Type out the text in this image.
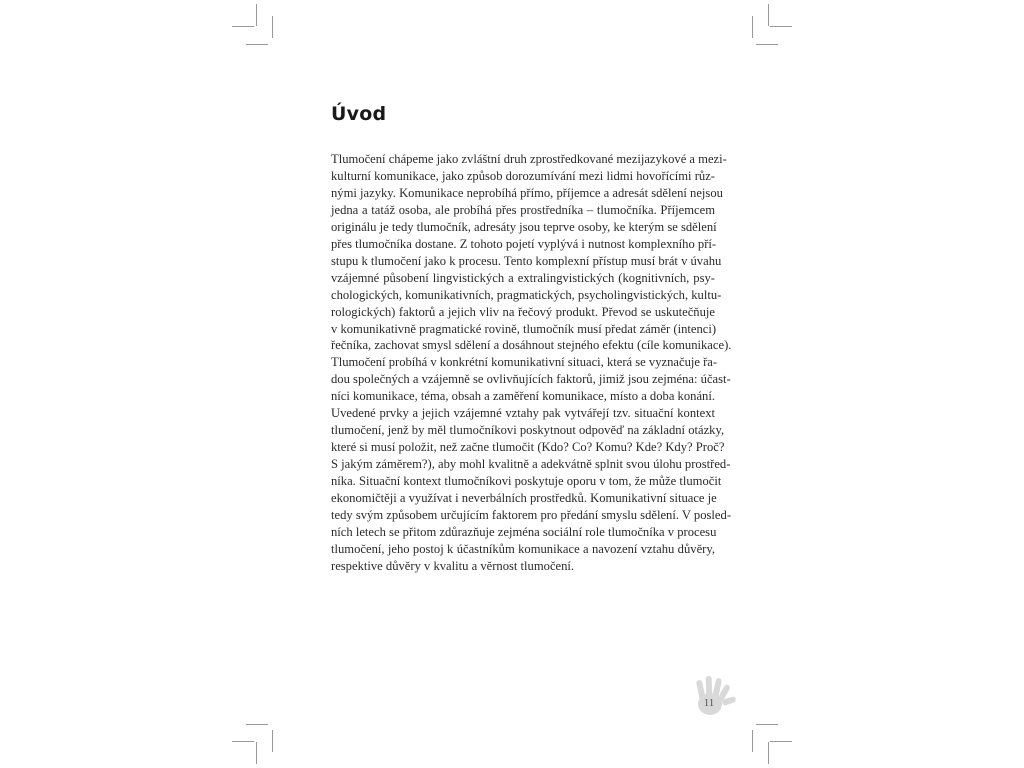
Úvod
Tlumočení chápeme jako zvláštní druh zprostředkované mezijazykové a mezi-
kulturní komunikace, jako způsob dorozumívání mezi lidmi hovořícími růz-
nými jazyky. Komunikace neprobíhá přímo, příjemce a adresát sdělení nejsou
jedna a tatáž osoba, ale probíhá přes prostředníka – tlumočníka. Příjemcem
originálu je tedy tlumočník, adresáty jsou teprve osoby, ke kterým se sdělení
přes tlumočníka dostane. Z tohoto pojetí vyplývá i nutnost komplexního pří-
stupu k tlumočení jako k procesu. Tento komplexní přístup musí brát v úvahu
vzájemné působení lingvistických a extralingvistických (kognitivních, psy-
chologických, komunikativních, pragmatických, psycholingvistických, kultu-
rologických) faktorů a jejich vliv na řečový produkt. Převod se uskutečňuje
v komunikativně pragmatické rovině, tlumočník musí předat záměr (intenci)
řečníka, zachovat smysl sdělení a dosáhnout stejného efektu (cíle komunikace).
Tlumočení probíhá v konkrétní komunikativní situaci, která se vyznačuje řa-
dou společných a vzájemně se ovlivňujících faktorů, jimiž jsou zejména: účast-
níci komunikace, téma, obsah a zaměření komunikace, místo a doba konání.
Uvedené prvky a jejich vzájemné vztahy pak vytvářejí tzv. situační kontext
tlumočení, jenž by měl tlumočníkovi poskytnout odpověď na základní otázky,
které si musí položit, než začne tlumočit (Kdo? Co? Komu? Kde? Kdy? Proč?
S jakým záměrem?), aby mohl kvalitně a adekvátně splnit svou úlohu prostřed-
níka. Situační kontext tlumočníkovi poskytuje oporu v tom, že může tlumočit
ekonomičtěji a využívat i neverbálních prostředků. Komunikativní situace je
tedy svým způsobem určujícím faktorem pro předání smyslu sdělení. V posled-
ních letech se přitom zdůrazňuje zejména sociální role tlumočníka v procesu
tlumočení, jeho postoj k účastníkům komunikace a navození vztahu důvěry,
respektive důvěry v kvalitu a věrnost tlumočení.
11
